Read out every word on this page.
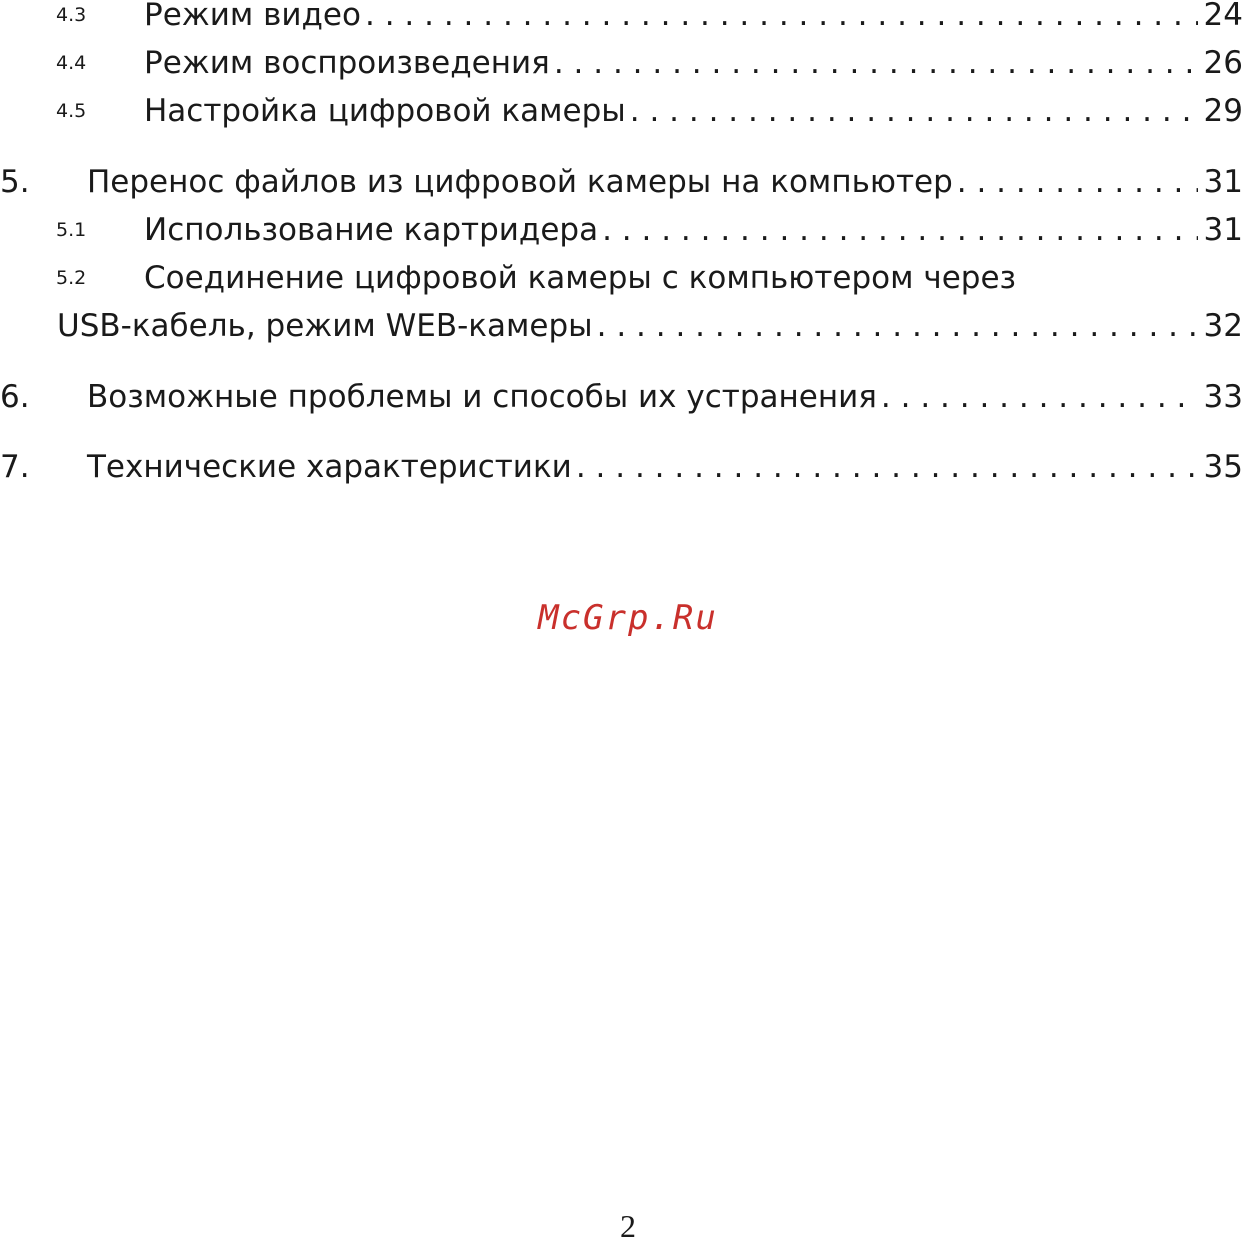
4.3 Режим видео . . .	24
4.4 Режим воспроизведения . . .	26
4.5 Настройка цифровой камеры . . .	29
5. Перенос файлов из цифровой камеры на компьютер . . .	31
5.1 Использование картридера . . .	31
5.2 Соединение цифровой камеры с компьютером через
USB-кабель, режим WEB-камеры . . .	32
6. Возможные проблемы и способы их устранения . . .	33
7. Технические характеристики . . .	35
McGrp.Ru
2
